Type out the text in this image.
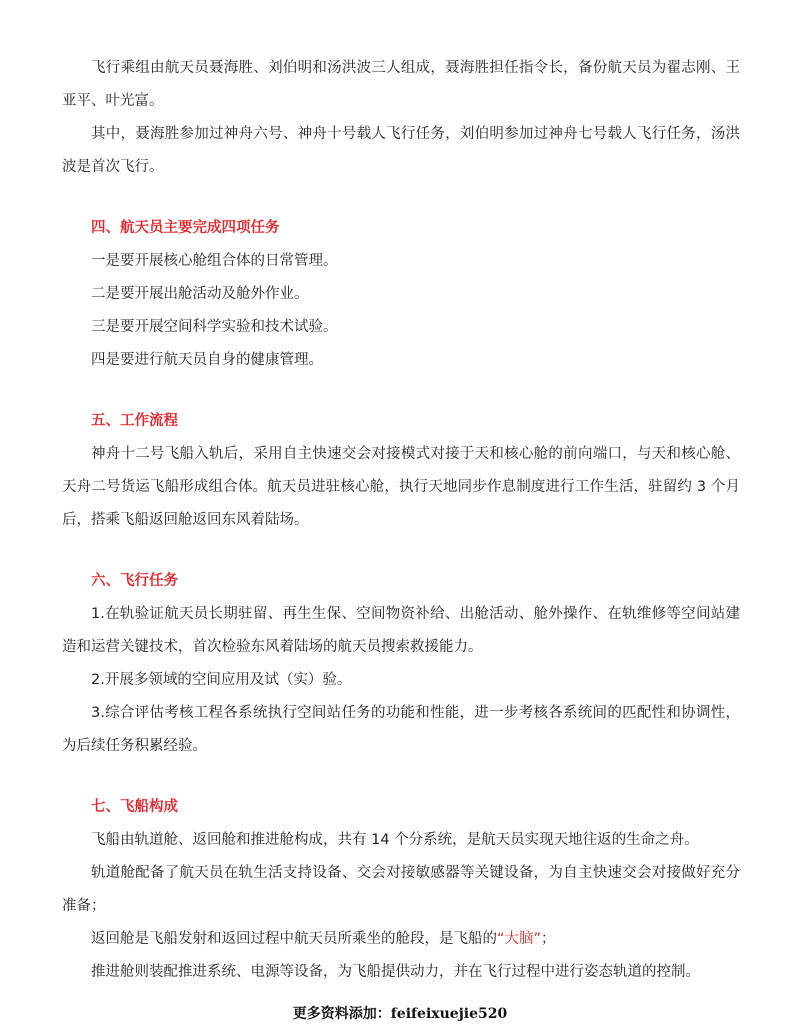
飞行乘组由航天员聂海胜、刘伯明和汤洪波三人组成，聂海胜担任指令长，备份航天员为翟志刚、王亚平、叶光富。

其中，聂海胜参加过神舟六号、神舟十号载人飞行任务，刘伯明参加过神舟七号载人飞行任务，汤洪波是首次飞行。

四、航天员主要完成四项任务

一是要开展核心舱组合体的日常管理。

二是要开展出舱活动及舱外作业。

三是要开展空间科学实验和技术试验。

四是要进行航天员自身的健康管理。

五、工作流程

神舟十二号飞船入轨后，采用自主快速交会对接模式对接于天和核心舱的前向端口，与天和核心舱、天舟二号货运飞船形成组合体。航天员进驻核心舱，执行天地同步作息制度进行工作生活，驻留约 3 个月后，搭乘飞船返回舱返回东风着陆场。

六、飞行任务

1.在轨验证航天员长期驻留、再生生保、空间物资补给、出舱活动、舱外操作、在轨维修等空间站建造和运营关键技术，首次检验东风着陆场的航天员搜索救援能力。

2.开展多领域的空间应用及试（实）验。

3.综合评估考核工程各系统执行空间站任务的功能和性能，进一步考核各系统间的匹配性和协调性，为后续任务积累经验。

七、飞船构成

飞船由轨道舱、返回舱和推进舱构成，共有 14 个分系统，是航天员实现天地往返的生命之舟。

轨道舱配备了航天员在轨生活支持设备、交会对接敏感器等关键设备，为自主快速交会对接做好充分准备；

返回舱是飞船发射和返回过程中航天员所乘坐的舱段，是飞船的“大脑”；

推进舱则装配推进系统、电源等设备，为飞船提供动力，并在飞行过程中进行姿态轨道的控制。

更多资料添加：feifeixuejie520
